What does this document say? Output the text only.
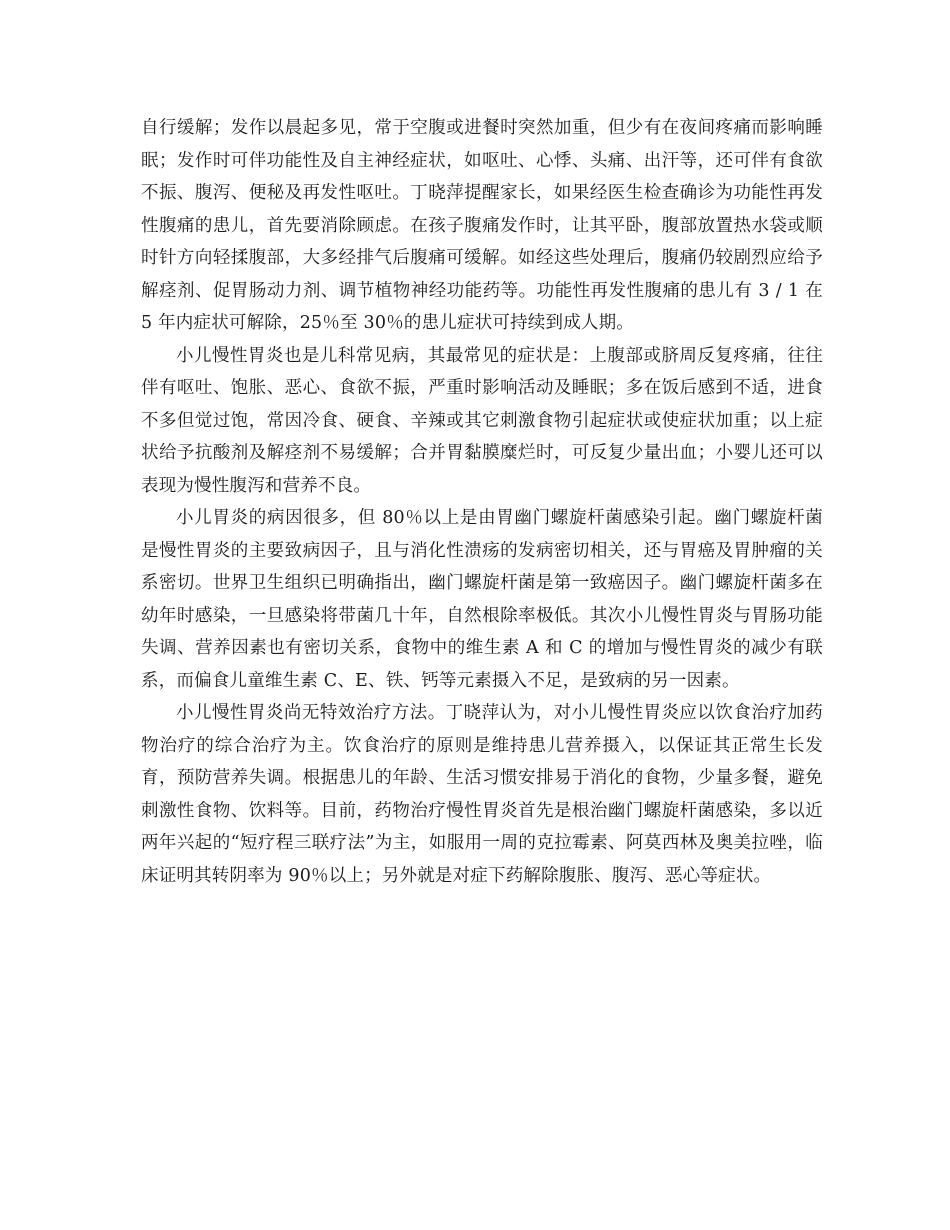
自行缓解；发作以晨起多见，常于空腹或进餐时突然加重，但少有在夜间疼痛而影响睡眠；发作时可伴功能性及自主神经症状，如呕吐、心悸、头痛、出汗等，还可伴有食欲不振、腹泻、便秘及再发性呕吐。丁晓萍提醒家长，如果经医生检查确诊为功能性再发性腹痛的患儿，首先要消除顾虑。在孩子腹痛发作时，让其平卧，腹部放置热水袋或顺时针方向轻揉腹部，大多经排气后腹痛可缓解。如经这些处理后，腹痛仍较剧烈应给予解痉剂、促胃肠动力剂、调节植物神经功能药等。功能性再发性腹痛的患儿有 3 / 1 在 5 年内症状可解除，25％至 30％的患儿症状可持续到成人期。

小儿慢性胃炎也是儿科常见病，其最常见的症状是：上腹部或脐周反复疼痛，往往伴有呕吐、饱胀、恶心、食欲不振，严重时影响活动及睡眠；多在饭后感到不适，进食不多但觉过饱，常因冷食、硬食、辛辣或其它刺激食物引起症状或使症状加重；以上症状给予抗酸剂及解痉剂不易缓解；合并胃黏膜糜烂时，可反复少量出血；小婴儿还可以表现为慢性腹泻和营养不良。

小儿胃炎的病因很多，但 80％以上是由胃幽门螺旋杆菌感染引起。幽门螺旋杆菌是慢性胃炎的主要致病因子，且与消化性溃疡的发病密切相关，还与胃癌及胃肿瘤的关系密切。世界卫生组织已明确指出，幽门螺旋杆菌是第一致癌因子。幽门螺旋杆菌多在幼年时感染，一旦感染将带菌几十年，自然根除率极低。其次小儿慢性胃炎与胃肠功能失调、营养因素也有密切关系，食物中的维生素 A 和 C 的增加与慢性胃炎的减少有联系，而偏食儿童维生素 C、E、铁、钙等元素摄入不足，是致病的另一因素。

小儿慢性胃炎尚无特效治疗方法。丁晓萍认为，对小儿慢性胃炎应以饮食治疗加药物治疗的综合治疗为主。饮食治疗的原则是维持患儿营养摄入，以保证其正常生长发育，预防营养失调。根据患儿的年龄、生活习惯安排易于消化的食物，少量多餐，避免刺激性食物、饮料等。目前，药物治疗慢性胃炎首先是根治幽门螺旋杆菌感染，多以近两年兴起的“短疗程三联疗法”为主，如服用一周的克拉霉素、阿莫西林及奥美拉唑，临床证明其转阴率为 90％以上；另外就是对症下药解除腹胀、腹泻、恶心等症状。
